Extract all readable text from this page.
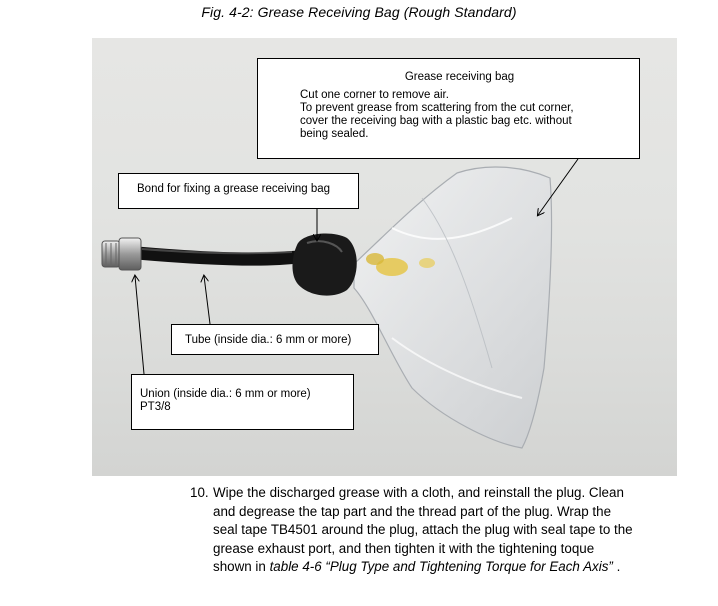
Fig. 4-2: Grease Receiving Bag (Rough Standard)
Grease receiving bag
Cut one corner to remove air.
To prevent grease from scattering from the cut corner,
cover the receiving bag with a plastic bag etc. without
being sealed.
Bond for fixing a grease receiving bag
Tube (inside dia.: 6 mm or more)
Union (inside dia.: 6 mm or more)
PT3/8
10. Wipe the discharged grease with a cloth, and reinstall the plug. Clean
and degrease the tap part and the thread part of the plug. Wrap the
seal tape TB4501 around the plug, attach the plug with seal tape to the
grease exhaust port, and then tighten it with the tightening toque
shown in table 4-6 “Plug Type and Tightening Torque for Each Axis” .
